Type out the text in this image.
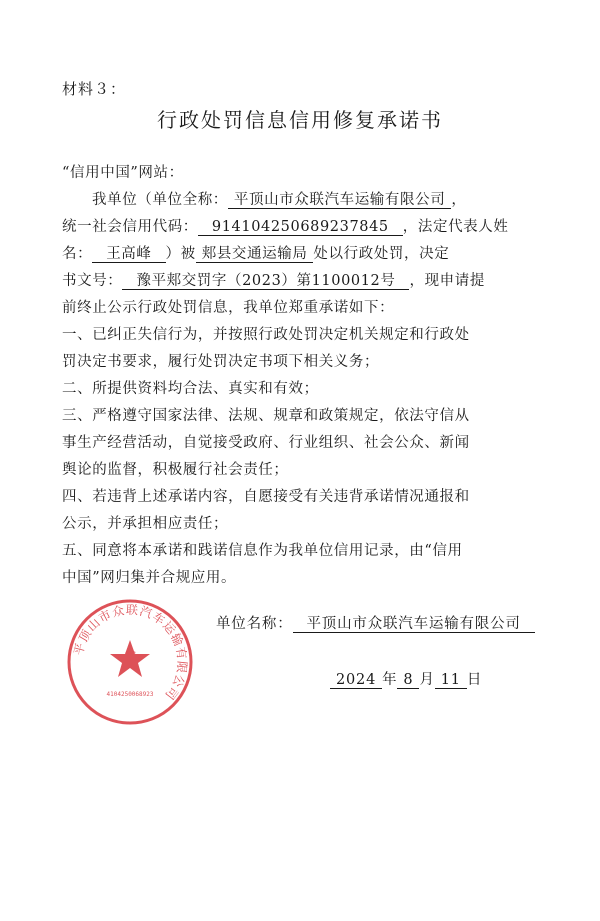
材料３：
行政处罚信息信用修复承诺书
“信用中国”网站：
我单位（单位全称： 平顶山市众联汽车运输有限公司 ，
统一社会信用代码： 914104250689237845 ，法定代表人姓
名： 王高峰 ）被 郏县交通运输局 处以行政处罚，决定
书文号： 豫平郏交罚字（2023）第1100012号 ，现申请提
前终止公示行政处罚信息，我单位郑重承诺如下：
一、已纠正失信行为，并按照行政处罚决定机关规定和行政处
罚决定书要求，履行处罚决定书项下相关义务；
二、所提供资料均合法、真实和有效；
三、严格遵守国家法律、法规、规章和政策规定，依法守信从
事生产经营活动，自觉接受政府、行业组织、社会公众、新闻
舆论的监督，积极履行社会责任；
四、若违背上述承诺内容，自愿接受有关违背承诺情况通报和
公示，并承担相应责任；
五、同意将本承诺和践诺信息作为我单位信用记录，由“信用
中国”网归集并合规应用。
平顶山市众联汽车运输有限公司
章
4104250068923
单位名称： 平顶山市众联汽车运输有限公司
2024 年 8 月 11 日
